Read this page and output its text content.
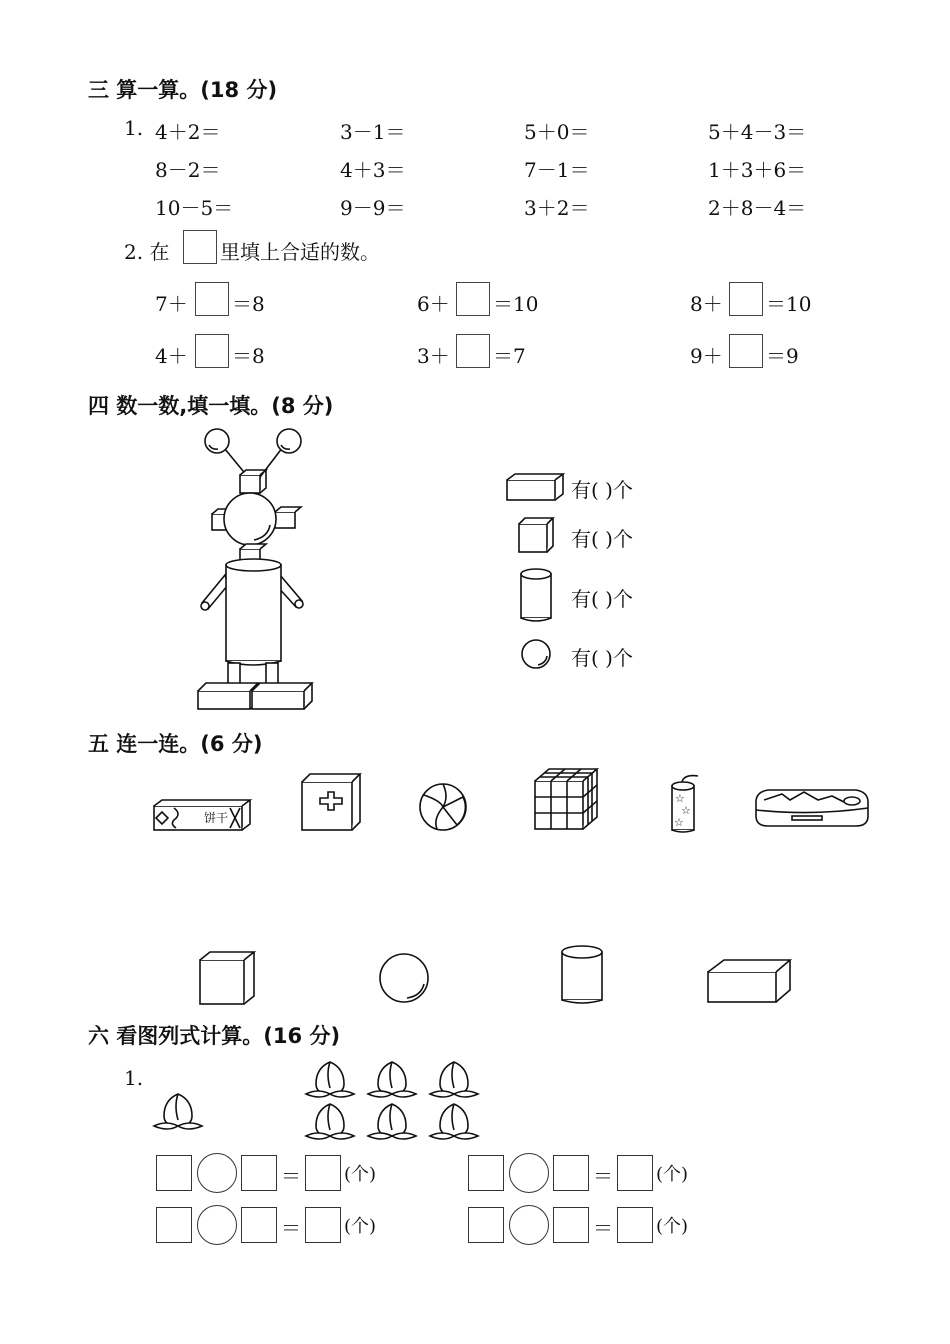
三 算一算。(18 分)
1. 4＋2＝	3－1＝	5＋0＝	5＋4－3＝
8－2＝	4＋3＝	7－1＝	1＋3＋6＝
10－5＝	9－9＝	3＋2＝	2＋8－4＝
2. 在	里填上合适的数。
7＋ ＝8	6＋ ＝10	8＋ ＝10
4＋ ＝8	3＋ ＝7	9＋ ＝9
四 数一数,填一填。(8 分)
有( )个
有( )个
有( )个
有( )个
五 连一连。(6 分)
饼干
☆
☆
☆
六 看图列式计算。(16 分)
1.
＝ (个)	＝ (个)
＝ (个)	＝ (个)
